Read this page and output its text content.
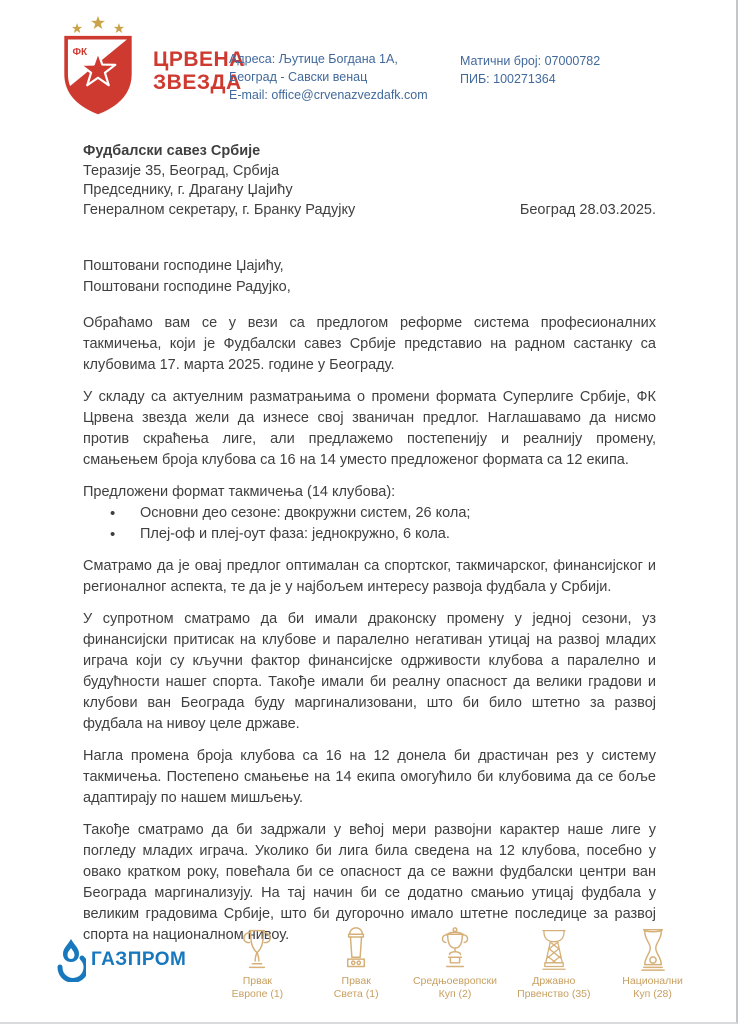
ФК	ЦРВЕНА
ЗВЕЗДА
Адреса: Љутице Богдана 1А,
Београд - Савски венац
E-mail: office@crvenazvezdafk.com
Матични број: 07000782
ПИБ: 100271364
Фудбалски савез Србије
Теразије 35, Београд, Србија
Председнику, г. Драгану Џајићу
Генералном секретару, г. Бранку Радујку	Београд 28.03.2025.
Поштовани господине Џајићу,
Поштовани господине Радујко,

Обраћамо вам се у вези са предлогом реформе система професионалних такмичења, који је Фудбалски савез Србије представио на радном састанку са клубовима 17. марта 2025. године у Београду.

У складу са актуелним разматрањима о промени формата Суперлиге Србије, ФК Црвена звезда жели да изнесе свој званичан предлог. Наглашавамо да нисмо против скраћења лиге, али предлажемо постепенију и реалнију промену, смањењем броја клубова са 16 на 14 уместо предложеног формата са 12 екипа.

Предложени формат такмичења (14 клубова):

• Основни део сезоне: двокружни систем, 26 кола;
• Плеј-оф и плеј-оут фаза: једнокружно, 6 кола.

Сматрамо да је овај предлог оптималан са спортског, такмичарског, финансијског и регионалног аспекта, те да је у најбољем интересу развоја фудбала у Србији.

У супротном сматрамо да би имали драконску промену у једној сезони, уз финансијски притисак на клубове и паралелно негативан утицај на развој младих играча који су кључни фактор финансијске одрживости клубова а паралелно и будућности нашег спорта. Такође имали би реалну опасност да велики градови и клубови ван Београда буду маргинализовани, што би било штетно за развој фудбала на нивоу целе државе.

Нагла промена броја клубова са 16 на 12 донела би драстичан рез у систему такмичења. Постепено смањење на 14 екипа омогућило би клубовима да се боље адаптирају по нашем мишљењу.

Такође сматрамо да би задржали у већој мери развојни карактер наше лиге у погледу младих играча. Уколико би лига била сведена на 12 клубова, посебно у овако кратком року, повећала би се опасност да се важни фудбалски центри ван Београда маргинализују. На тај начин би се додатно смањио утицај фудбала у великим градовима Србије, што би дугорочно имало штетне последице за развој спорта на националном нивоу.

ГАЗПРОМ
Првак
Европе (1)
Првак
Света (1)
Средњоевропски
Куп (2)
Државно
Првенство (35)
Национални
Куп (28)
